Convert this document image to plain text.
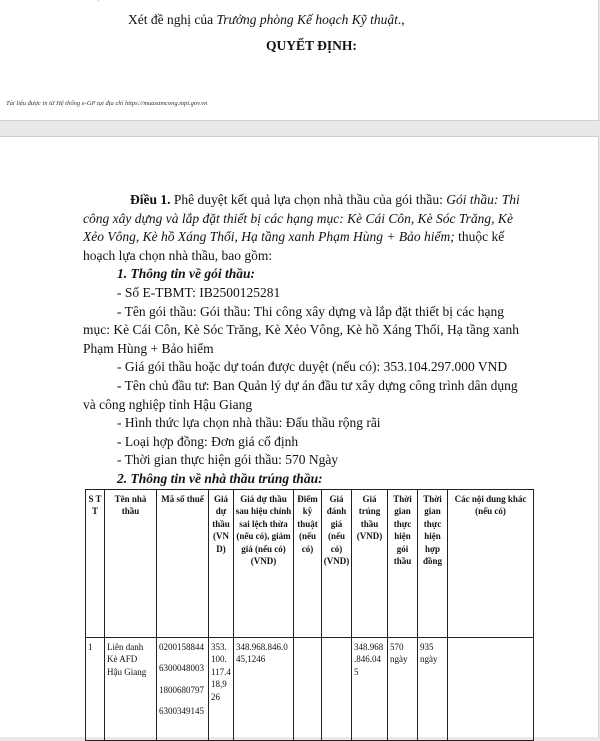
'
Xét đề nghị của Trưởng phòng Kế hoạch Kỹ thuật.,
QUYẾT ĐỊNH:
Tài liệu được in từ Hệ thống e-GP tại địa chỉ https://muasamcong.mpi.gov.vn

Điều 1. Phê duyệt kết quả lựa chọn nhà thầu của gói thầu: Gói thầu: Thi công xây dựng và lắp đặt thiết bị các hạng mục: Kè Cái Côn, Kè Sóc Trăng, Kè Xẻo Vông, Kè hồ Xáng Thổi, Hạ tầng xanh Phạm Hùng + Bảo hiểm; thuộc kế hoạch lựa chọn nhà thầu, bao gồm:

1. Thông tin về gói thầu:

- Số E-TBMT: IB2500125281

- Tên gói thầu: Gói thầu: Thi công xây dựng và lắp đặt thiết bị các hạng mục: Kè Cái Côn, Kè Sóc Trăng, Kè Xẻo Vông, Kè hồ Xáng Thổi, Hạ tầng xanh Phạm Hùng + Bảo hiểm

- Giá gói thầu hoặc dự toán được duyệt (nếu có): 353.104.297.000 VND

- Tên chủ đầu tư: Ban Quản lý dự án đầu tư xây dựng công trình dân dụng và công nghiệp tỉnh Hậu Giang

- Hình thức lựa chọn nhà thầu: Đấu thầu rộng rãi

- Loại hợp đồng: Đơn giá cố định

- Thời gian thực hiện gói thầu: 570 Ngày

2. Thông tin về nhà thầu trúng thầu:

S T T	Tên nhà thầu	Mã số thuế	Giá dự thầu (VND)	Giá dự thầu sau hiệu chỉnh sai lệch thừa (nếu có), giảm giá (nếu có) (VND)	Điểm kỹ thuật (nếu có)	Giá đánh giá (nếu có) (VND)	Giá trúng thầu (VND)	Thời gian thực hiện gói thầu	Thời gian thực hiện hợp đồng	Các nội dung khác (nếu có)
1	Liên danh Kè AFD Hậu Giang	0200158844
6300048003
1800680797
6300349145	353.100.117.418,926	348.968.846.045,1246			348.968.846.045	570 ngày	935 ngày	
